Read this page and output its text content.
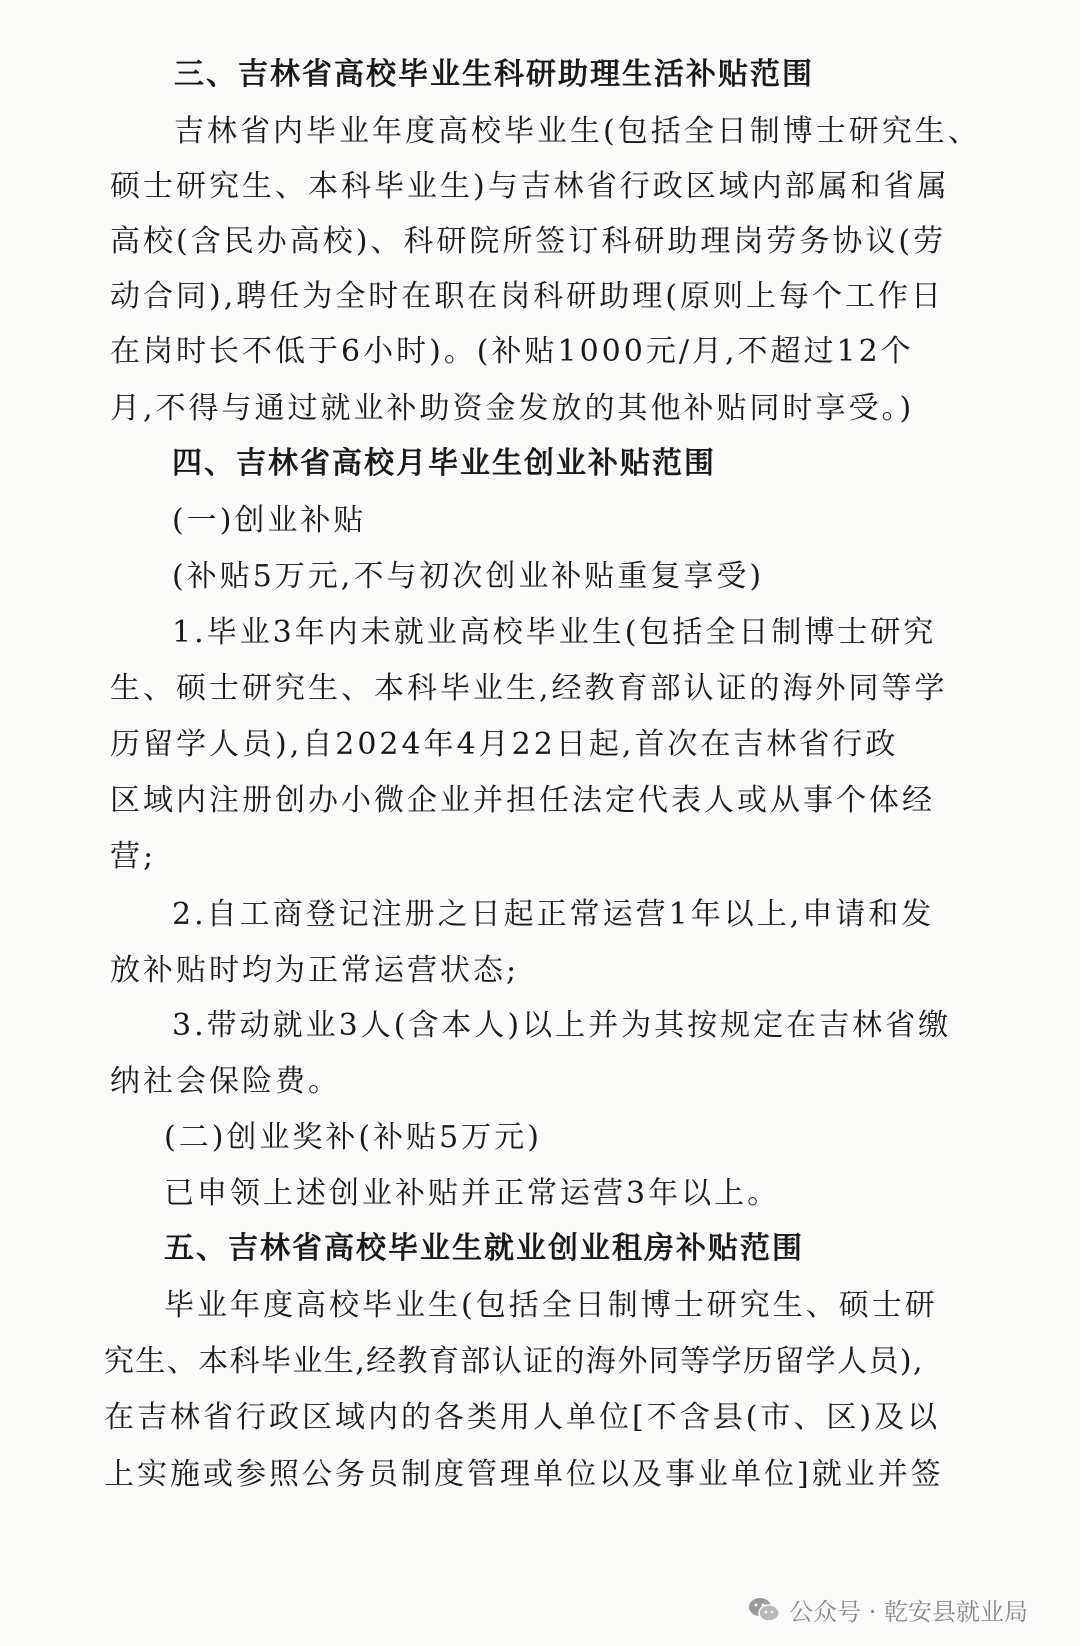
三、吉林省高校毕业生科研助理生活补贴范围
吉林省内毕业年度高校毕业生(包括全日制博士研究生、
硕士研究生、本科毕业生)与吉林省行政区域内部属和省属
高校(含民办高校)、科研院所签订科研助理岗劳务协议(劳
动合同),聘任为全时在职在岗科研助理(原则上每个工作日
在岗时长不低于6小时)。(补贴1000元/月,不超过12个
月,不得与通过就业补助资金发放的其他补贴同时享受。)
四、吉林省高校月毕业生创业补贴范围
(一)创业补贴
(补贴5万元,不与初次创业补贴重复享受)
1.毕业3年内未就业高校毕业生(包括全日制博士研究
生、硕士研究生、本科毕业生,经教育部认证的海外同等学
历留学人员),自2024年4月22日起,首次在吉林省行政
区域内注册创办小微企业并担任法定代表人或从事个体经
营;
2.自工商登记注册之日起正常运营1年以上,申请和发
放补贴时均为正常运营状态;
3.带动就业3人(含本人)以上并为其按规定在吉林省缴
纳社会保险费。
(二)创业奖补(补贴5万元)
已申领上述创业补贴并正常运营3年以上。
五、吉林省高校毕业生就业创业租房补贴范围
毕业年度高校毕业生(包括全日制博士研究生、硕士研
究生、本科毕业生,经教育部认证的海外同等学历留学人员),
在吉林省行政区域内的各类用人单位[不含县(市、区)及以
上实施或参照公务员制度管理单位以及事业单位]就业并签
公众号 · 乾安县就业局
